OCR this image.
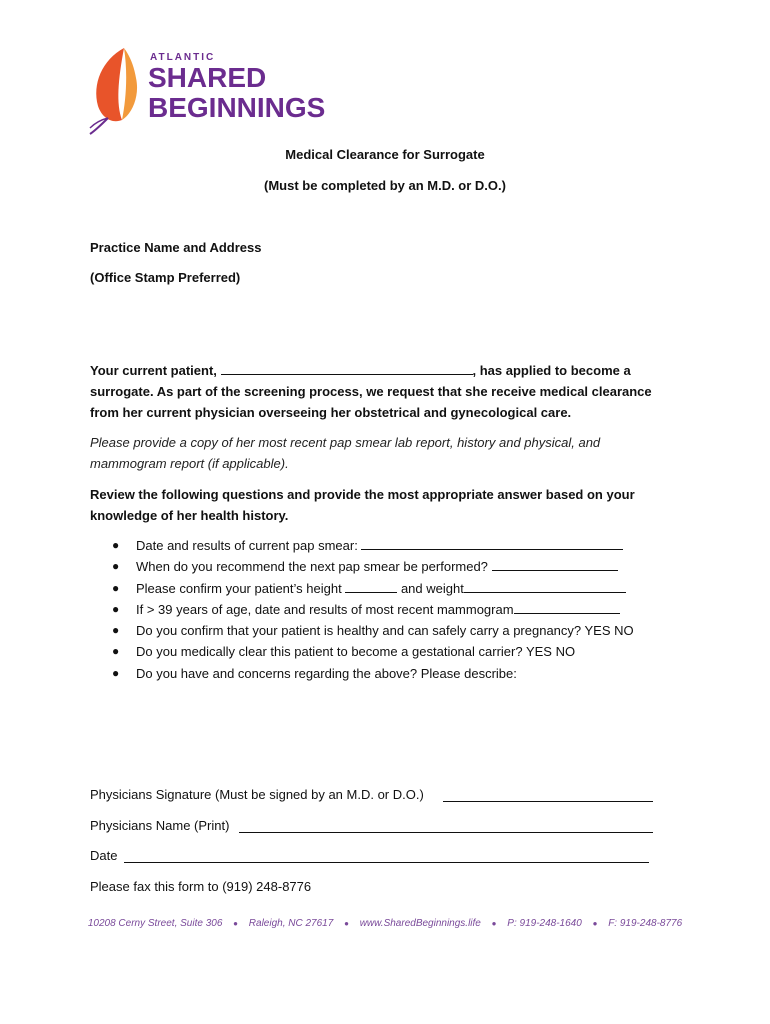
ATLANTIC
SHARED
BEGINNINGS
Medical Clearance for Surrogate
(Must be completed by an M.D. or D.O.)
Practice Name and Address
(Office Stamp Preferred)
Your current patient,	, has applied to become a surrogate. As part of the screening process, we request that she receive medical clearance from her current physician overseeing her obstetrical and gynecological care.
Please provide a copy of her most recent pap smear lab report, history and physical, and mammogram report (if applicable).
Review the following questions and provide the most appropriate answer based on your knowledge of her health history.
● Date and results of current pap smear:
● When do you recommend the next pap smear be performed?
● Please confirm your patient’s height	and weight
● If > 39 years of age, date and results of most recent mammogram
● Do you confirm that your patient is healthy and can safely carry a pregnancy? YES NO
● Do you medically clear this patient to become a gestational carrier? YES NO
● Do you have and concerns regarding the above? Please describe:
Physicians Signature (Must be signed by an M.D. or D.O.)
Physicians Name (Print)
Date
Please fax this form to (919) 248-8776
10208 Cerny Street, Suite 306 ● Raleigh, NC 27617 ● www.SharedBeginnings.life ● P: 919-248-1640 ● F: 919-248-8776
